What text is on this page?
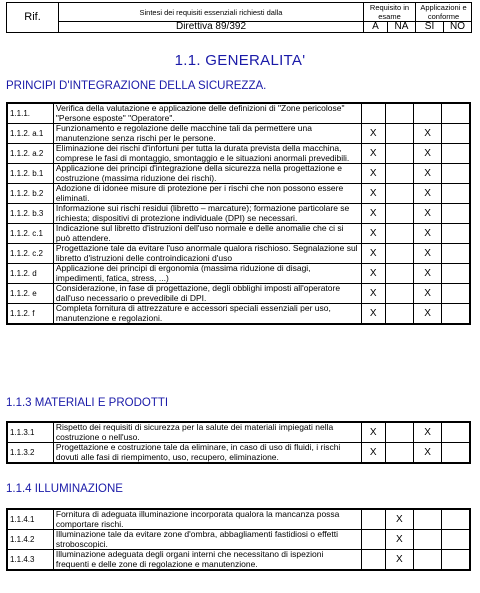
Rif.	Sintesi dei requisiti essenziali richiesti dalla	Requisito in esame		Applicazioni e conforme	
	Direttiva 89/392	A	NA	SI	NO
1.1. GENERALITA'
PRINCIPI D'INTEGRAZIONE DELLA SICUREZZA.
1.1.1.	Verifica della valutazione e applicazione delle definizioni di "Zone pericolose" "Persone esposte" "Operatore".				
1.1.2. a.1	Funzionamento e regolazione delle macchine tali da permettere una manutenzione senza rischi per le persone.	X		X	
1.1.2. a.2	Eliminazione dei rischi d'infortuni per tutta la durata prevista della macchina, comprese le fasi di montaggio, smontaggio e le situazioni anormali prevedibili.	X		X	
1.1.2. b.1	Applicazione dei principi d'integrazione della sicurezza nella progettazione e costruzione (massima riduzione dei rischi).	X		X	
1.1.2. b.2	Adozione di idonee misure di protezione per i rischi che non possono essere eliminati.	X		X	
1.1.2. b.3	Informazione sui rischi residui (libretto – marcature); formazione particolare se richiesta; dispositivi di protezione individuale (DPI) se necessari.	X		X	
1.1.2. c.1	Indicazione sul libretto d'istruzioni dell'uso normale e delle anomalie che ci si può attendere.	X		X	
1.1.2. c.2	Progettazione tale da evitare l'uso anormale qualora rischioso. Segnalazione sul libretto d'istruzioni delle controindicazioni d'uso	X		X	
1.1.2. d	Applicazione dei principi di ergonomia (massima riduzione di disagi, impedimenti, fatica, stress, ...)	X		X	
1.1.2. e	Considerazione, in fase di progettazione, degli obblighi imposti all'operatore dall'uso necessario o prevedibile di DPI.	X		X	
1.1.2. f	Completa fornitura di attrezzature e accessori speciali essenziali per uso, manutenzione e regolazioni.	X		X	
1.1.3 MATERIALI E PRODOTTI
1.1.3.1	Rispetto dei requisiti di sicurezza per la salute dei materiali impiegati nella costruzione o nell'uso.	X		X	
1.1.3.2	Progettazione e costruzione tale da eliminare, in caso di uso di fluidi, i rischi dovuti alle fasi di riempimento, uso, recupero, eliminazione.	X		X	
1.1.4 ILLUMINAZIONE
1.1.4.1	Fornitura di adeguata illuminazione incorporata qualora la mancanza possa comportare rischi.		X		
1.1.4.2	Illuminazione tale da evitare zone d'ombra, abbagliamenti fastidiosi o effetti stroboscopici.		X		
1.1.4.3	Illuminazione adeguata degli organi interni che necessitano di ispezioni frequenti e delle zone di regolazione e manutenzione.		X		
